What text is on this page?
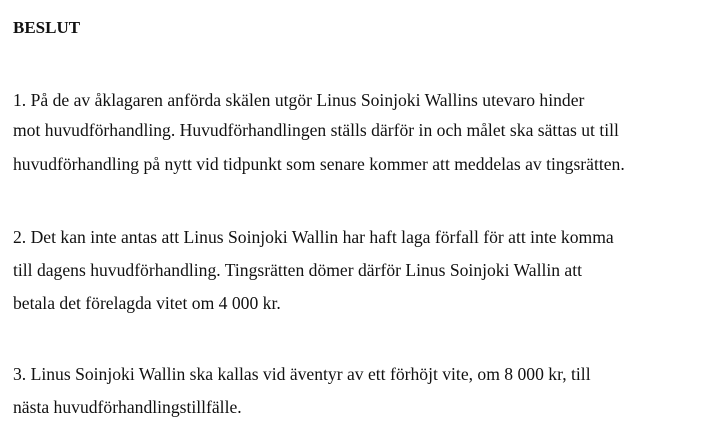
BESLUT
1. På de av åklagaren anförda skälen utgör Linus Soinjoki Wallins utevaro hinder
mot huvudförhandling. Huvudförhandlingen ställs därför in och målet ska sättas ut till
huvudförhandling på nytt vid tidpunkt som senare kommer att meddelas av tingsrätten.
2. Det kan inte antas att Linus Soinjoki Wallin har haft laga förfall för att inte komma
till dagens huvudförhandling. Tingsrätten dömer därför Linus Soinjoki Wallin att
betala det förelagda vitet om 4 000 kr.
3. Linus Soinjoki Wallin ska kallas vid äventyr av ett förhöjt vite, om 8 000 kr, till
nästa huvudförhandlingstillfälle.
